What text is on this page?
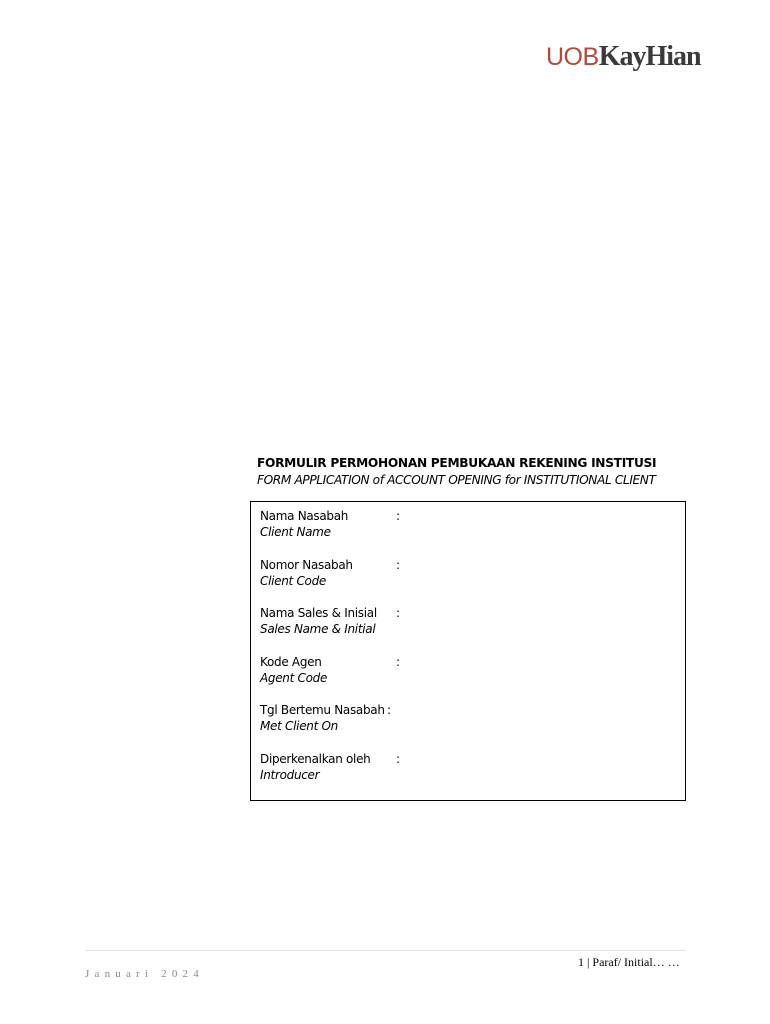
UOBKayHian
FORMULIR PERMOHONAN PEMBUKAAN REKENING INSTITUSI
FORM APPLICATION of ACCOUNT OPENING for INSTITUTIONAL CLIENT
Nama Nasabah
Client Name
:
Nomor Nasabah
Client Code
:
Nama Sales & Inisial
Sales Name & Initial
:
Kode Agen
Agent Code
:
Tgl Bertemu Nasabah
Met Client On
:
Diperkenalkan oleh
Introducer
:
1 | Paraf/ Initial… …
Januari 2024
